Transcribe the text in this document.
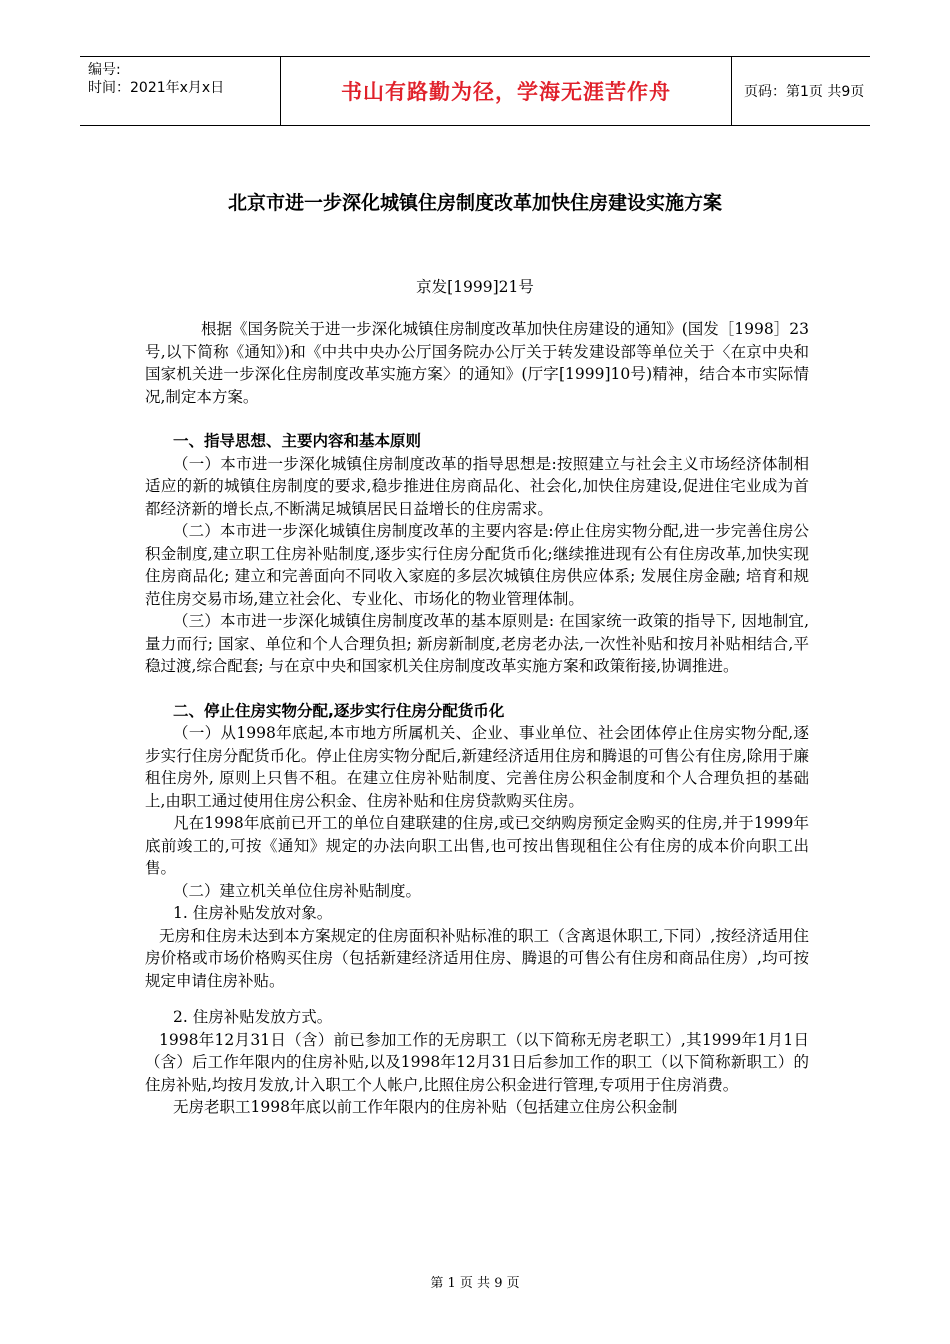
编号:
时间：2021年x月x日	书山有路勤为径，学海无涯苦作舟	页码：第1页 共9页
北京市进一步深化城镇住房制度改革加快住房建设实施方案
京发[1999]21号

根据《国务院关于进一步深化城镇住房制度改革加快住房建设的通知》(国发［1998］23号,以下简称《通知》)和《中共中央办公厅国务院办公厅关于转发建设部等单位关于〈在京中央和国家机关进一步深化住房制度改革实施方案〉的通知》(厅字[1999]10号)精神，结合本市实际情况,制定本方案。

一、指导思想、主要内容和基本原则

（一）本市进一步深化城镇住房制度改革的指导思想是:按照建立与社会主义市场经济体制相适应的新的城镇住房制度的要求,稳步推进住房商品化、社会化,加快住房建设,促进住宅业成为首都经济新的增长点,不断满足城镇居民日益增长的住房需求。

（二）本市进一步深化城镇住房制度改革的主要内容是:停止住房实物分配,进一步完善住房公积金制度,建立职工住房补贴制度,逐步实行住房分配货币化;继续推进现有公有住房改革,加快实现住房商品化; 建立和完善面向不同收入家庭的多层次城镇住房供应体系; 发展住房金融; 培育和规范住房交易市场,建立社会化、专业化、市场化的物业管理体制。

（三）本市进一步深化城镇住房制度改革的基本原则是: 在国家统一政策的指导下, 因地制宜, 量力而行; 国家、单位和个人合理负担; 新房新制度,老房老办法,一次性补贴和按月补贴相结合,平稳过渡,综合配套; 与在京中央和国家机关住房制度改革实施方案和政策衔接,协调推进。

二、停止住房实物分配,逐步实行住房分配货币化

（一）从1998年底起,本市地方所属机关、企业、事业单位、社会团体停止住房实物分配,逐步实行住房分配货币化。停止住房实物分配后,新建经济适用住房和腾退的可售公有住房,除用于廉租住房外, 原则上只售不租。在建立住房补贴制度、完善住房公积金制度和个人合理负担的基础上,由职工通过使用住房公积金、住房补贴和住房贷款购买住房。

凡在1998年底前已开工的单位自建联建的住房,或已交纳购房预定金购买的住房,并于1999年底前竣工的,可按《通知》规定的办法向职工出售,也可按出售现租住公有住房的成本价向职工出售。

（二）建立机关单位住房补贴制度。

1. 住房补贴发放对象。

无房和住房未达到本方案规定的住房面积补贴标准的职工（含离退休职工,下同）,按经济适用住房价格或市场价格购买住房（包括新建经济适用住房、腾退的可售公有住房和商品住房）,均可按规定申请住房补贴。

2. 住房补贴发放方式。

1998年12月31日（含）前已参加工作的无房职工（以下简称无房老职工）,其1999年1月1日（含）后工作年限内的住房补贴,以及1998年12月31日后参加工作的职工（以下简称新职工）的住房补贴,均按月发放,计入职工个人帐户,比照住房公积金进行管理,专项用于住房消费。

无房老职工1998年底以前工作年限内的住房补贴（包括建立住房公积金制

第 1 页 共 9 页
